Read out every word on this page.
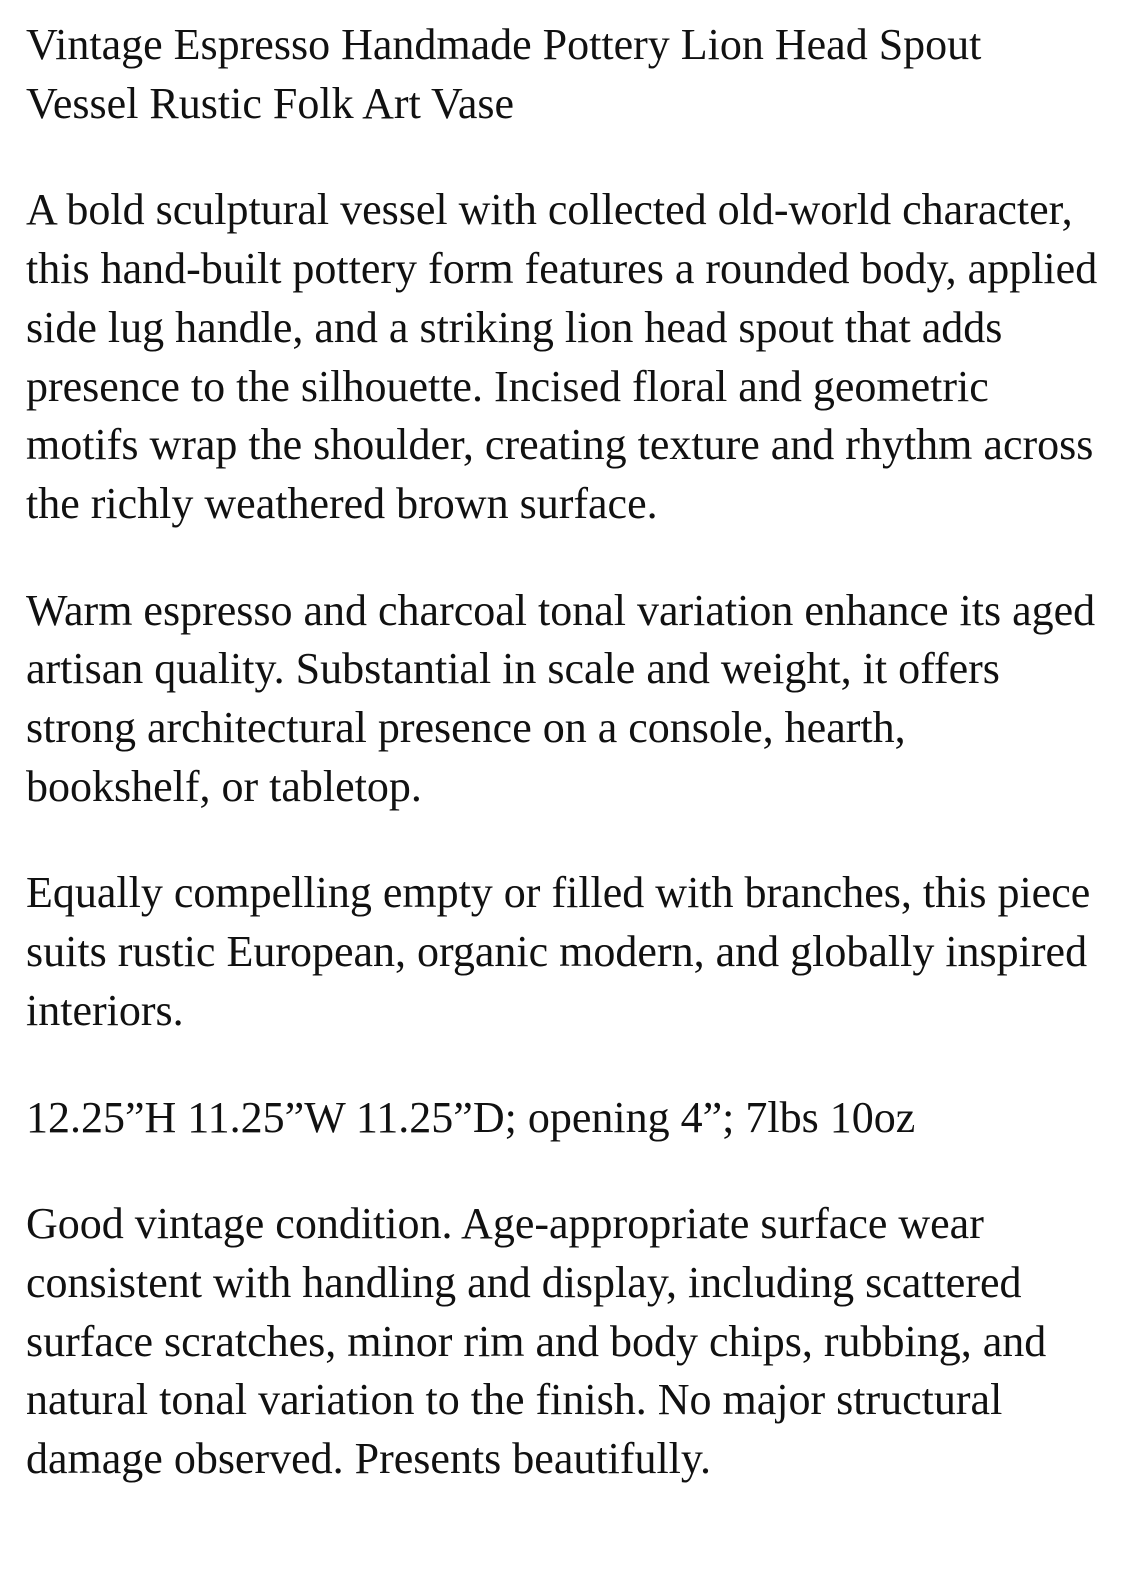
Vintage Espresso Handmade Pottery Lion Head Spout Vessel Rustic Folk Art Vase

A bold sculptural vessel with collected old-world character, this hand-built pottery form features a rounded body, applied side lug handle, and a striking lion head spout that adds presence to the silhouette. Incised floral and geometric motifs wrap the shoulder, creating texture and rhythm across the richly weathered brown surface.

Warm espresso and charcoal tonal variation enhance its aged artisan quality. Substantial in scale and weight, it offers strong architectural presence on a console, hearth, bookshelf, or tabletop.

Equally compelling empty or filled with branches, this piece suits rustic European, organic modern, and globally inspired interiors.

12.25”H 11.25”W 11.25”D; opening 4”; 7lbs 10oz

Good vintage condition. Age-appropriate surface wear consistent with handling and display, including scattered surface scratches, minor rim and body chips, rubbing, and natural tonal variation to the finish. No major structural damage observed. Presents beautifully.
